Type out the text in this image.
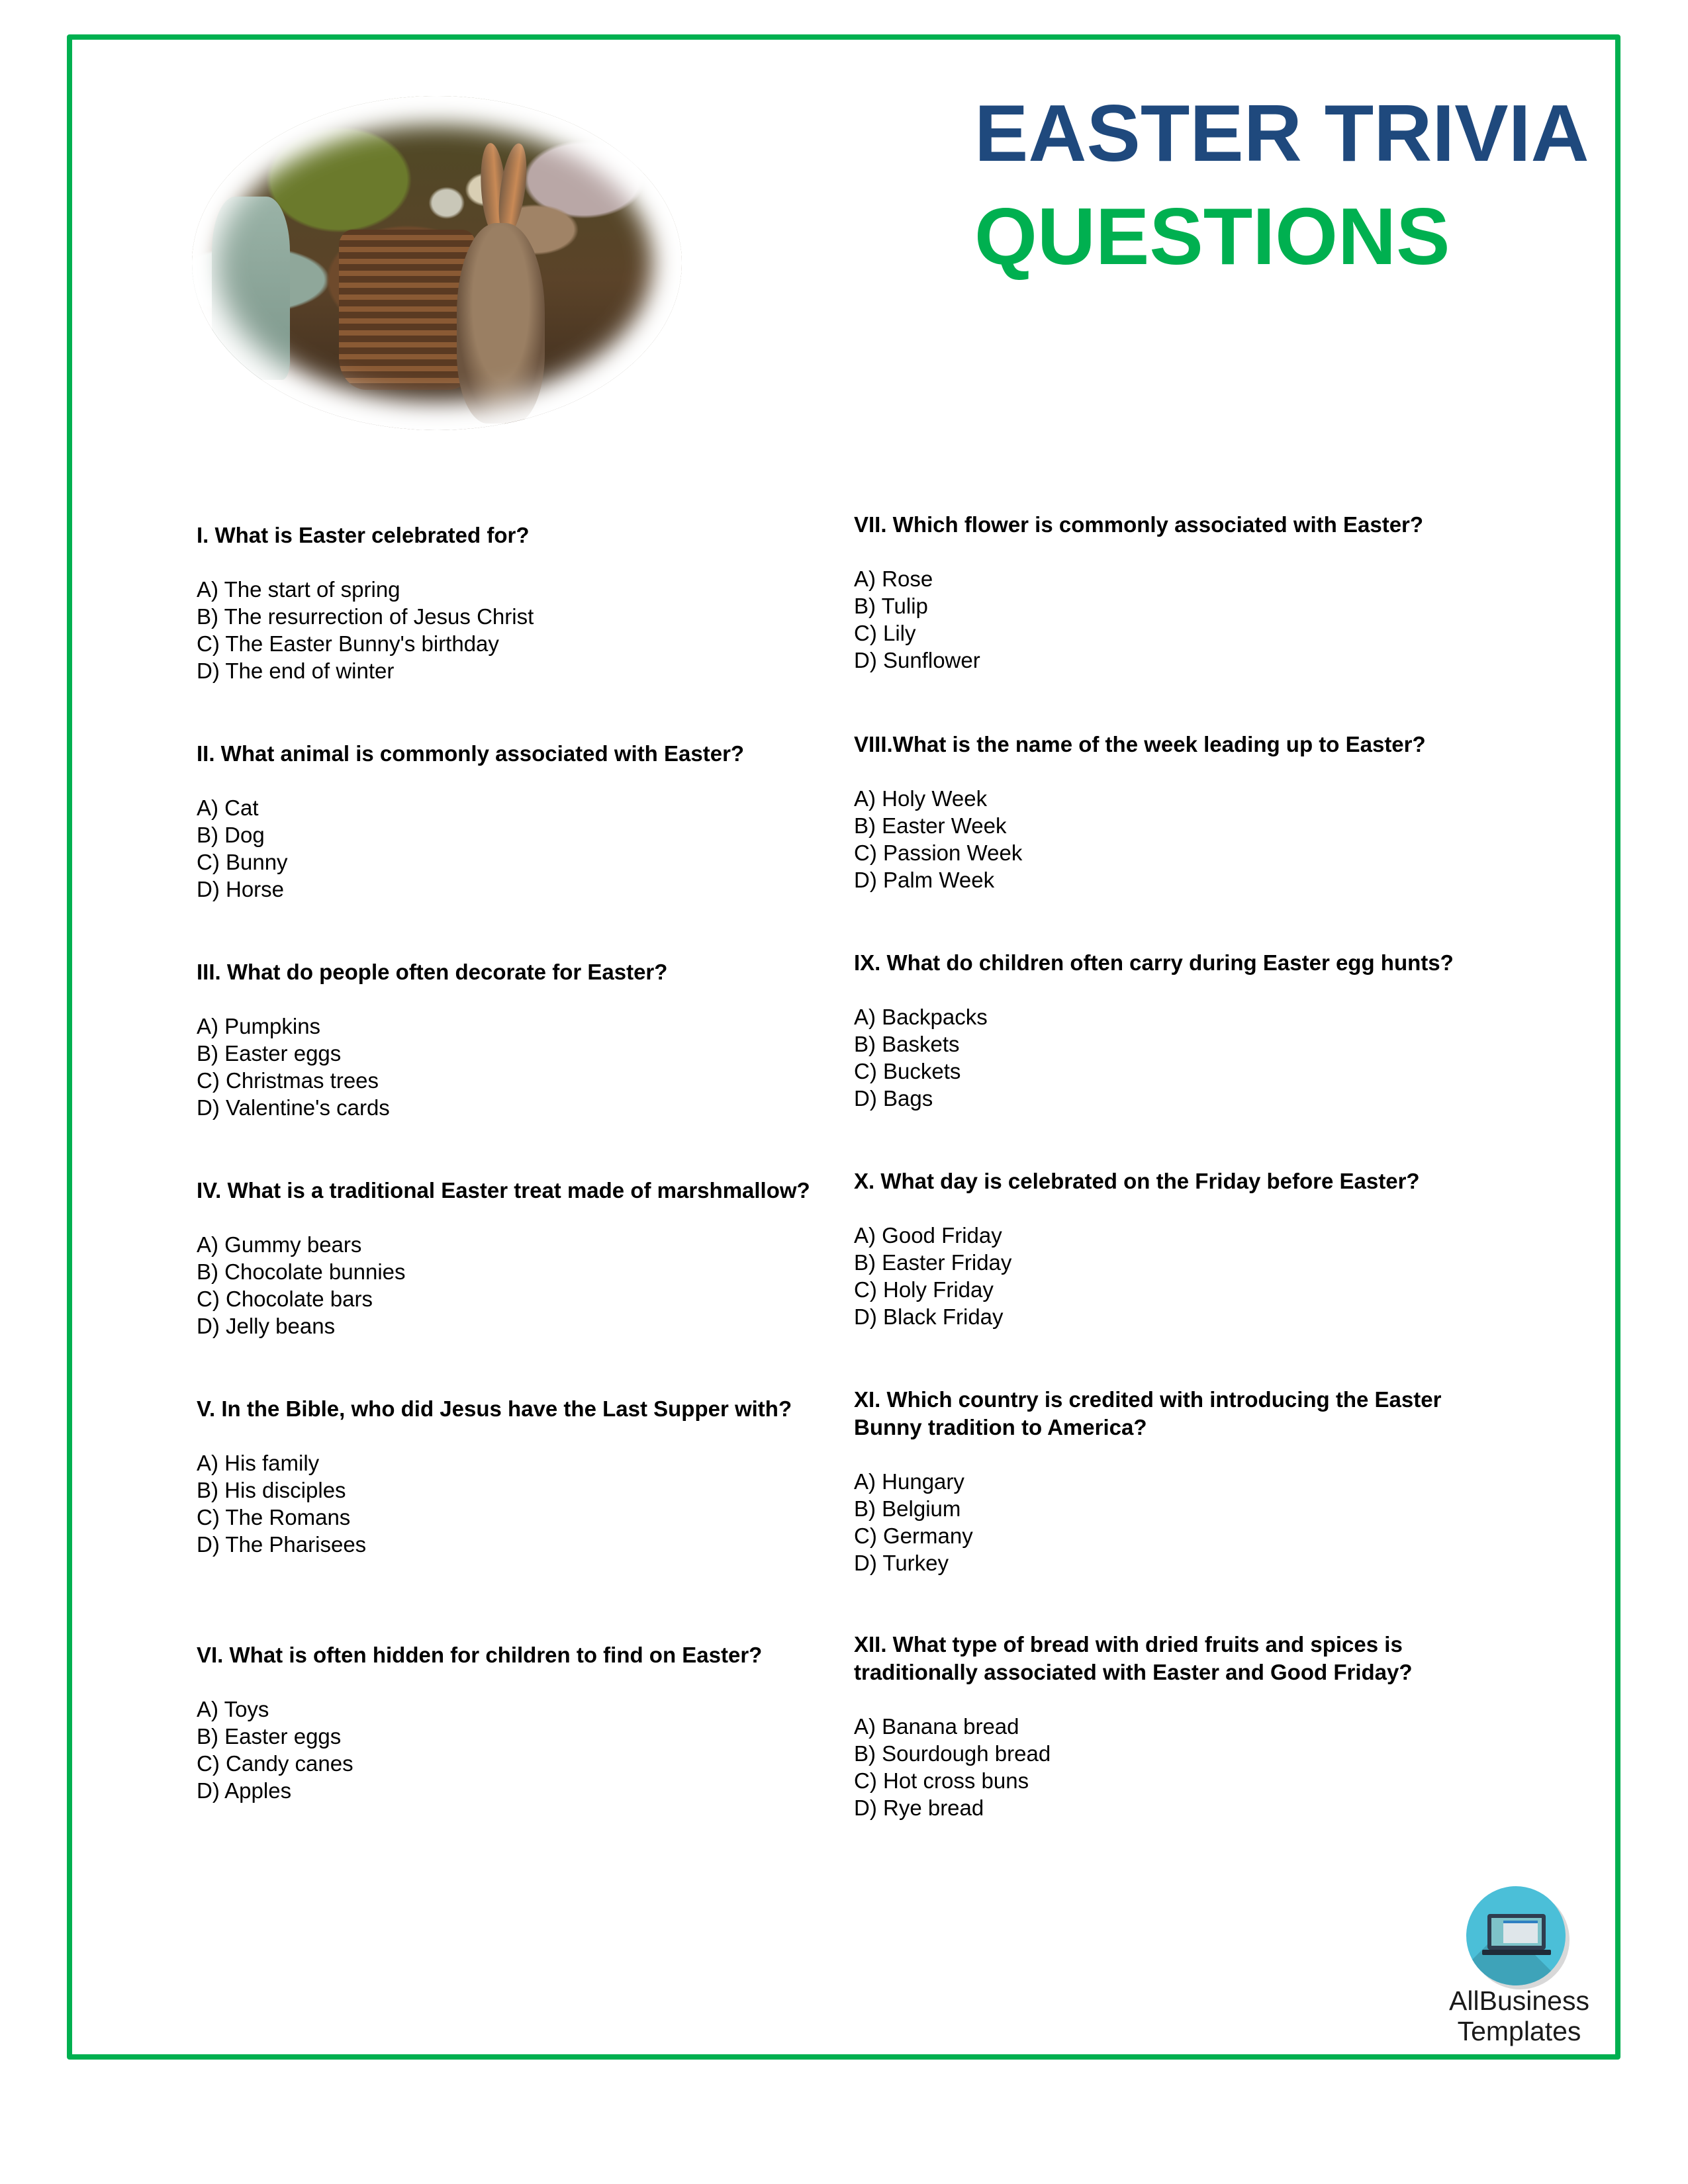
EASTER TRIVIA
QUESTIONS

I. What is Easter celebrated for?

A) The start of spring

B) The resurrection of Jesus Christ

C) The Easter Bunny's birthday

D) The end of winter

II. What animal is commonly associated with Easter?

A) Cat

B) Dog

C) Bunny

D) Horse

III. What do people often decorate for Easter?

A) Pumpkins

B) Easter eggs

C) Christmas trees

D) Valentine's cards

IV. What is a traditional Easter treat made of marshmallow?

A) Gummy bears

B) Chocolate bunnies

C) Chocolate bars

D) Jelly beans

V. In the Bible, who did Jesus have the Last Supper with?

A) His family

B) His disciples

C) The Romans

D) The Pharisees

VI. What is often hidden for children to find on Easter?

A) Toys

B) Easter eggs

C) Candy canes

D) Apples

VII. Which flower is commonly associated with Easter?

A) Rose

B) Tulip

C) Lily

D) Sunflower

VIII.What is the name of the week leading up to Easter?

A) Holy Week

B) Easter Week

C) Passion Week

D) Palm Week

IX. What do children often carry during Easter egg hunts?

A) Backpacks

B) Baskets

C) Buckets

D) Bags

X. What day is celebrated on the Friday before Easter?

A) Good Friday

B) Easter Friday

C) Holy Friday

D) Black Friday

XI. Which country is credited with introducing the Easter Bunny tradition to America?

A) Hungary

B) Belgium

C) Germany

D) Turkey

XII. What type of bread with dried fruits and spices is traditionally associated with Easter and Good Friday?

A) Banana bread

B) Sourdough bread

C) Hot cross buns

D) Rye bread

AllBusiness
Templates
